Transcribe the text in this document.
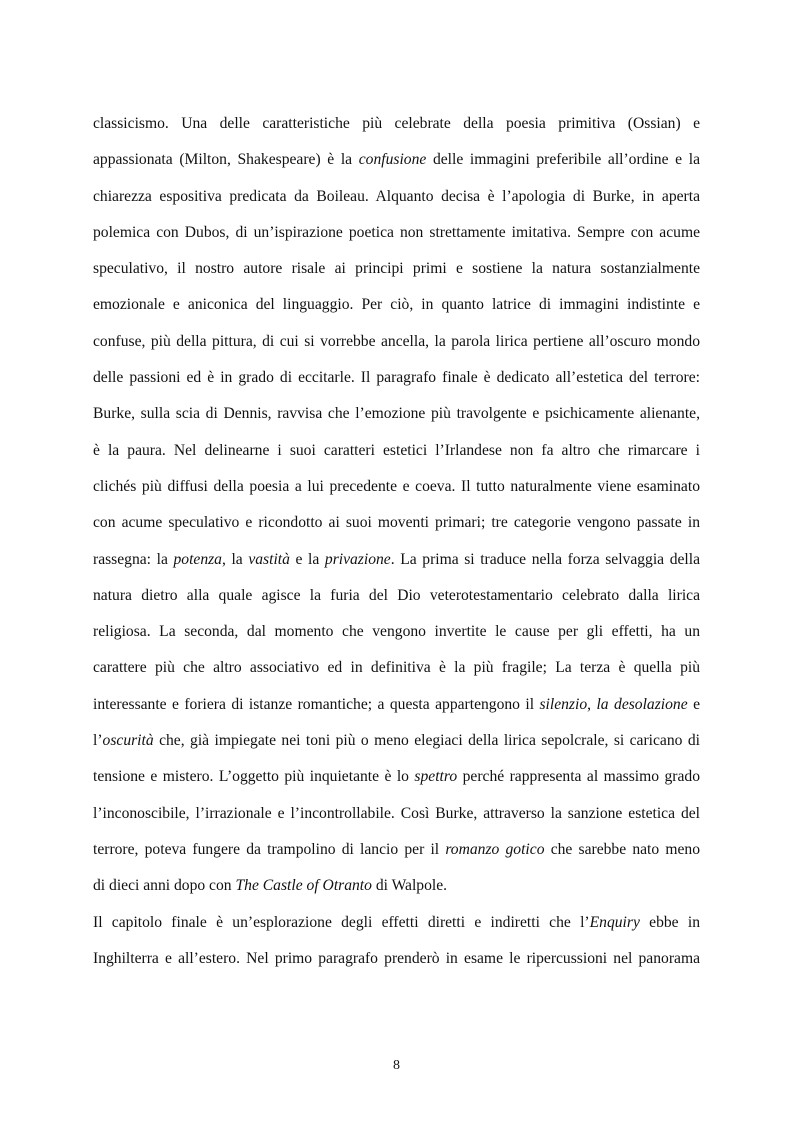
classicismo. Una delle caratteristiche più celebrate della poesia primitiva (Ossian) e
appassionata (Milton, Shakespeare) è la confusione delle immagini preferibile all’ordine e la
chiarezza espositiva predicata da Boileau. Alquanto decisa è l’apologia di Burke, in aperta
polemica con Dubos, di un’ispirazione poetica non strettamente imitativa. Sempre con acume
speculativo, il nostro autore risale ai principi primi e sostiene la natura sostanzialmente
emozionale e aniconica del linguaggio. Per ciò, in quanto latrice di immagini indistinte e
confuse, più della pittura, di cui si vorrebbe ancella, la parola lirica pertiene all’oscuro mondo
delle passioni ed è in grado di eccitarle. Il paragrafo finale è dedicato all’estetica del terrore:
Burke, sulla scia di Dennis, ravvisa che l’emozione più travolgente e psichicamente alienante,
è la paura. Nel delinearne i suoi caratteri estetici l’Irlandese non fa altro che rimarcare i
clichés più diffusi della poesia a lui precedente e coeva. Il tutto naturalmente viene esaminato
con acume speculativo e ricondotto ai suoi moventi primari; tre categorie vengono passate in
rassegna: la potenza, la vastità e la privazione. La prima si traduce nella forza selvaggia della
natura dietro alla quale agisce la furia del Dio veterotestamentario celebrato dalla lirica
religiosa. La seconda, dal momento che vengono invertite le cause per gli effetti, ha un
carattere più che altro associativo ed in definitiva è la più fragile; La terza è quella più
interessante e foriera di istanze romantiche; a questa appartengono il silenzio, la desolazione e
l’oscurità che, già impiegate nei toni più o meno elegiaci della lirica sepolcrale, si caricano di
tensione e mistero. L’oggetto più inquietante è lo spettro perché rappresenta al massimo grado
l’inconoscibile, l’irrazionale e l’incontrollabile. Così Burke, attraverso la sanzione estetica del
terrore, poteva fungere da trampolino di lancio per il romanzo gotico che sarebbe nato meno
di dieci anni dopo con The Castle of Otranto di Walpole.
Il capitolo finale è un’esplorazione degli effetti diretti e indiretti che l’Enquiry ebbe in
Inghilterra e all’estero. Nel primo paragrafo prenderò in esame le ripercussioni nel panorama
8
